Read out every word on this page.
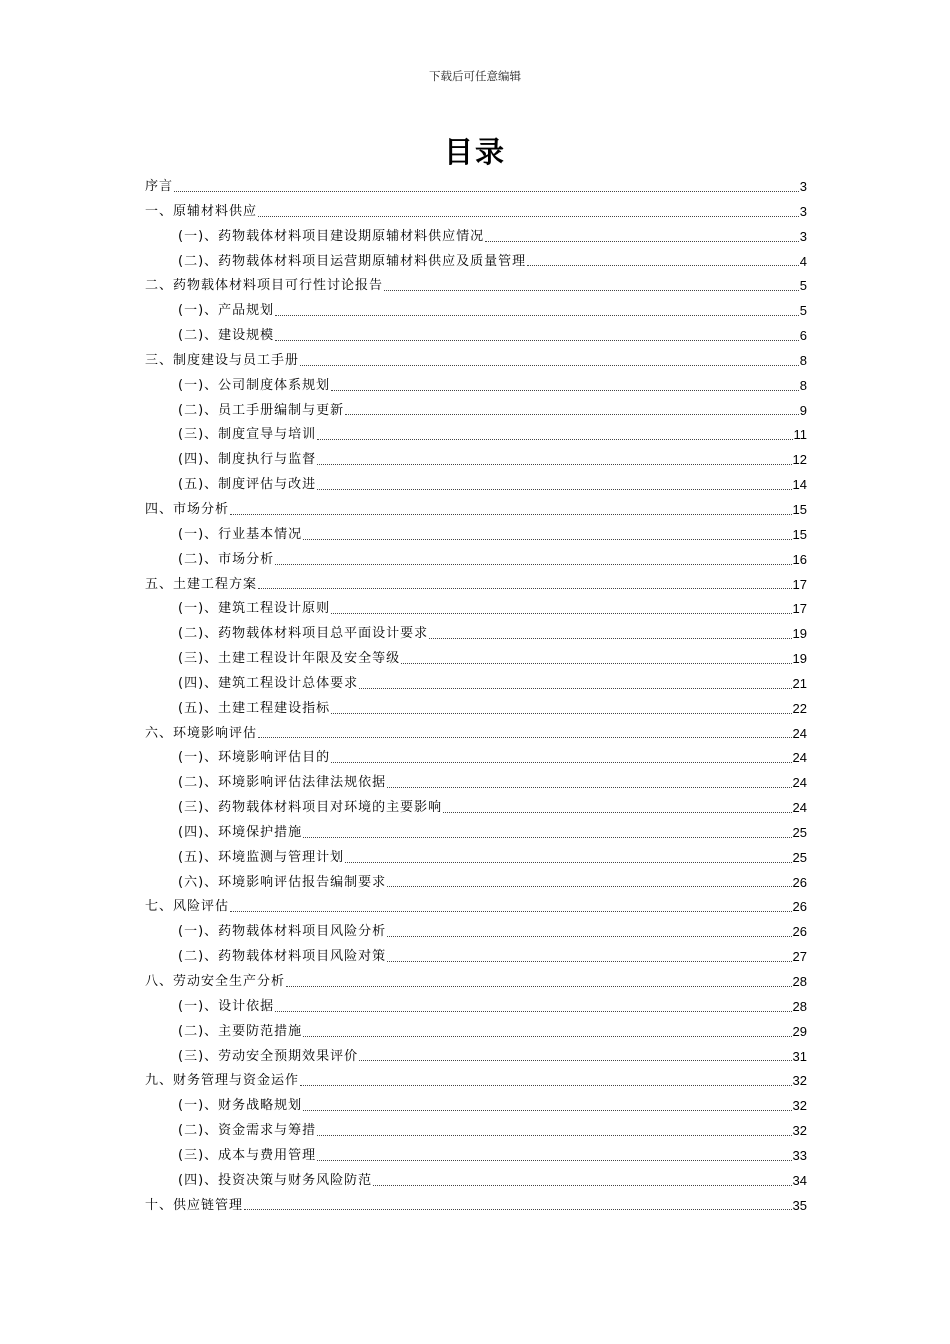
下载后可任意编辑
目录
序言	3
一、原辅材料供应	3
(一)、药物载体材料项目建设期原辅材料供应情况	3
(二)、药物载体材料项目运营期原辅材料供应及质量管理	4
二、药物载体材料项目可行性讨论报告	5
(一)、产品规划	5
(二)、建设规模	6
三、制度建设与员工手册	8
(一)、公司制度体系规划	8
(二)、员工手册编制与更新	9
(三)、制度宣导与培训	11
(四)、制度执行与监督	12
(五)、制度评估与改进	14
四、市场分析	15
(一)、行业基本情况	15
(二)、市场分析	16
五、土建工程方案	17
(一)、建筑工程设计原则	17
(二)、药物载体材料项目总平面设计要求	19
(三)、土建工程设计年限及安全等级	19
(四)、建筑工程设计总体要求	21
(五)、土建工程建设指标	22
六、环境影响评估	24
(一)、环境影响评估目的	24
(二)、环境影响评估法律法规依据	24
(三)、药物载体材料项目对环境的主要影响	24
(四)、环境保护措施	25
(五)、环境监测与管理计划	25
(六)、环境影响评估报告编制要求	26
七、风险评估	26
(一)、药物载体材料项目风险分析	26
(二)、药物载体材料项目风险对策	27
八、劳动安全生产分析	28
(一)、设计依据	28
(二)、主要防范措施	29
(三)、劳动安全预期效果评价	31
九、财务管理与资金运作	32
(一)、财务战略规划	32
(二)、资金需求与筹措	32
(三)、成本与费用管理	33
(四)、投资决策与财务风险防范	34
十、供应链管理	35
